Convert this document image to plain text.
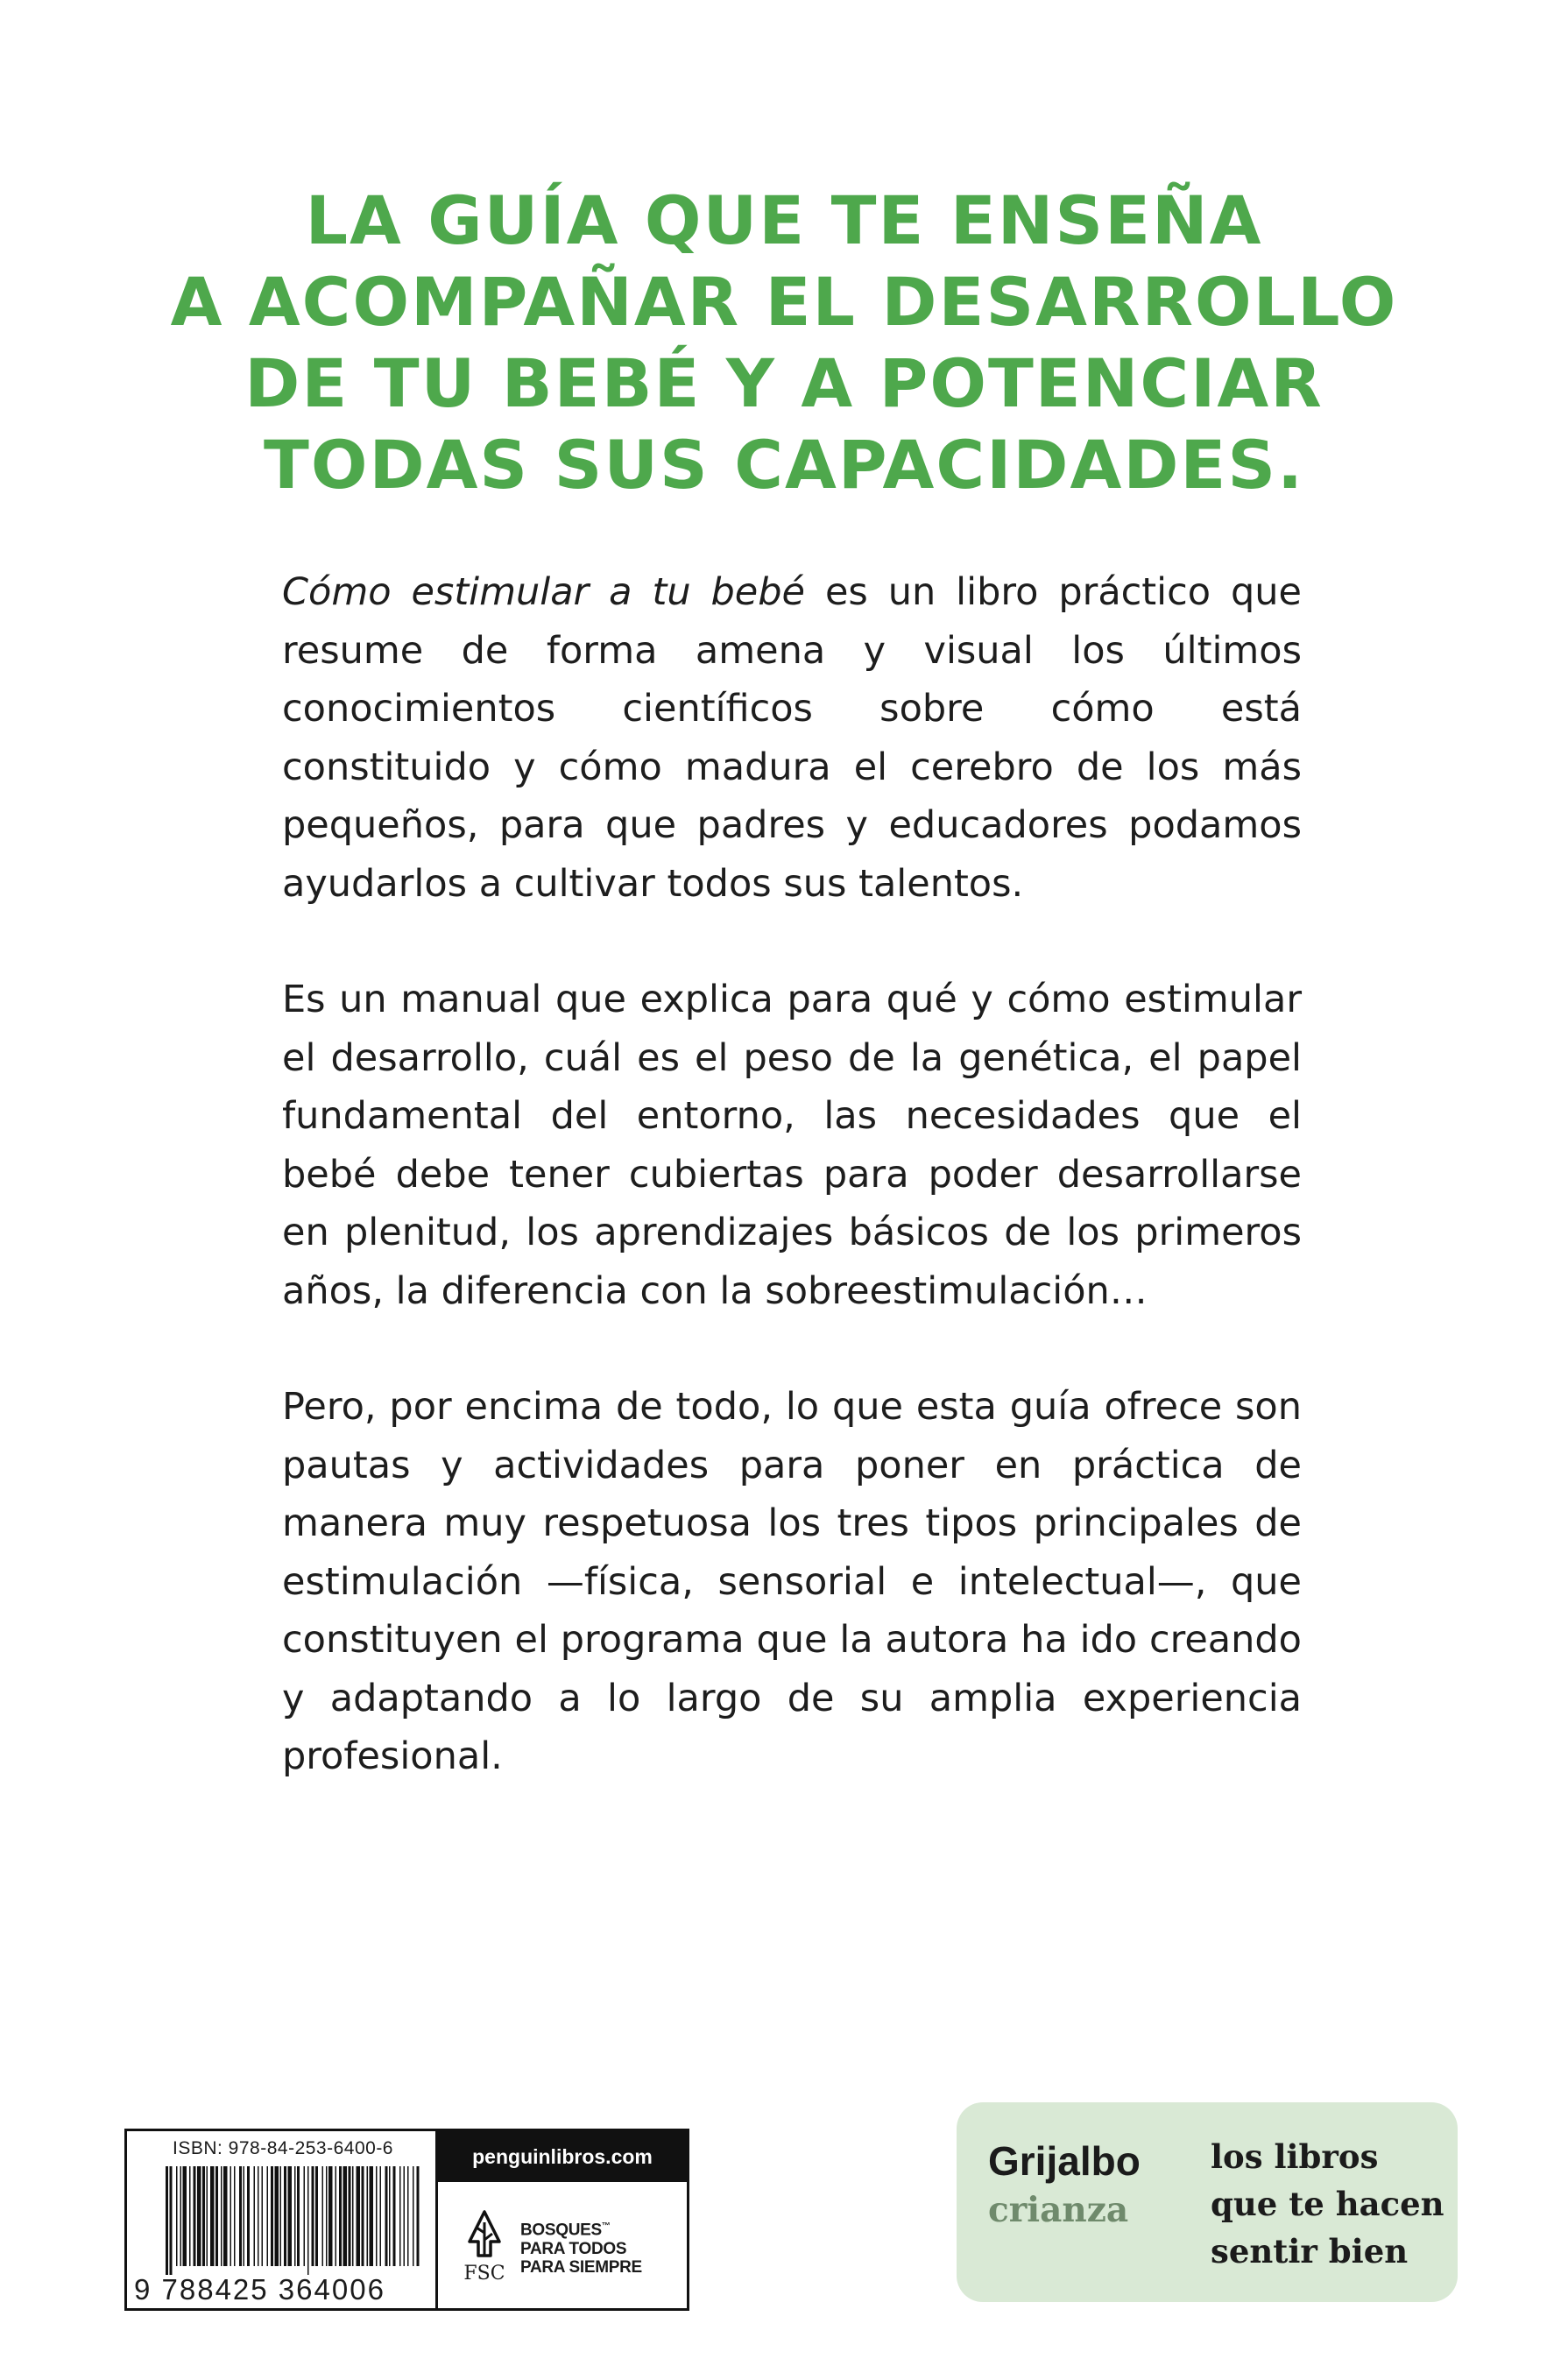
LA GUÍA QUE TE ENSEÑA
A ACOMPAÑAR EL DESARROLLO
DE TU BEBÉ Y A POTENCIAR
TODAS SUS CAPACIDADES.

Cómo estimular a tu bebé es un libro práctico que resume de forma amena y visual los últimos conocimientos científicos sobre cómo está constituido y cómo madura el cerebro de los más pequeños, para que padres y educadores podamos ayudarlos a cultivar todos sus talentos.

Es un manual que explica para qué y cómo estimular el desarrollo, cuál es el peso de la genética, el papel fundamental del entorno, las necesidades que el bebé debe tener cubiertas para poder desarrollarse en plenitud, los aprendizajes básicos de los primeros años, la diferencia con la sobreestimulación…

Pero, por encima de todo, lo que esta guía ofrece son pautas y actividades para poner en práctica de manera muy respetuosa los tres tipos principales de estimulación —física, sensorial e intelectual—, que constituyen el programa que la autora ha ido creando y adaptando a lo largo de su amplia experiencia profesional.

ISBN: 978-84-253-6400-6
9 788425 364006
penguinlibros.com
FSC
BOSQUES™
PARA TODOS
PARA SIEMPRE
Grijalbo
crianza
los libros
que te hacen
sentir bien
